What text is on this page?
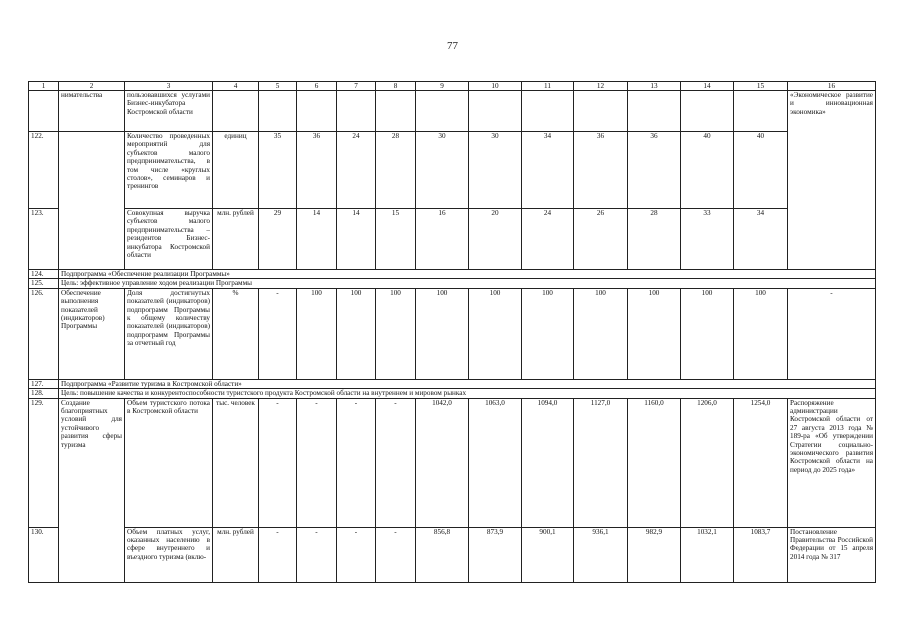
77
1	2	3	4	5	6	7	8	9	10	11	12	13	14	15	16
	нимательства	пользовавшихся услугами Бизнес-инкубатора Костромской области													«Экономическое развитие и инновационная экономика»
122.		Количество проведенных мероприятий для субъектов малого предпринимательства, в том числе «круглых столов», семинаров и тренингов	единиц	35	36	24	28	30	30	34	36	36	40	40	
123.		Совокупная выручка субъектов малого предпринимательства – резидентов Бизнес-инкубатора Костромской области	млн. рублей	29	14	14	15	16	20	24	26	28	33	34	
124.	Подпрограмма «Обеспечение реализации Программы»														
125.	Цель: эффективное управление ходом реализации Программы														
126.	Обеспечение выполнения показателей (индикаторов) Программы	Доля достигнутых показателей (индикаторов) подпрограмм Программы к общему количеству показателей (индикаторов) подпрограмм Программы за отчетный год	%	-	100	100	100	100	100	100	100	100	100	100	-
127.	Подпрограмма «Развитие туризма в Костромской области»														
128.	Цель: повышение качества и конкурентоспособности туристского продукта Костромской области на внутреннем и мировом рынках														
129.	Создание благоприятных условий для устойчивого развития сферы туризма	Объем туристского потока в Костромской области	тыс. человек	-	-	-	-	1042,0	1063,0	1094,0	1127,0	1160,0	1206,0	1254,0	Распоряжение администрации Костромской области от 27 августа 2013 года № 189-ра «Об утверждении Стратегии социально-экономического развития Костромской области на период до 2025 года»
130.		Объем платных услуг, оказанных населению в сфере внутреннего и въездного туризма (вклю-	млн. рублей	-	-	-	-	856,8	873,9	900,1	936,1	982,9	1032,1	1083,7	Постановление Правительства Российской Федерации от 15 апреля 2014 года № 317
